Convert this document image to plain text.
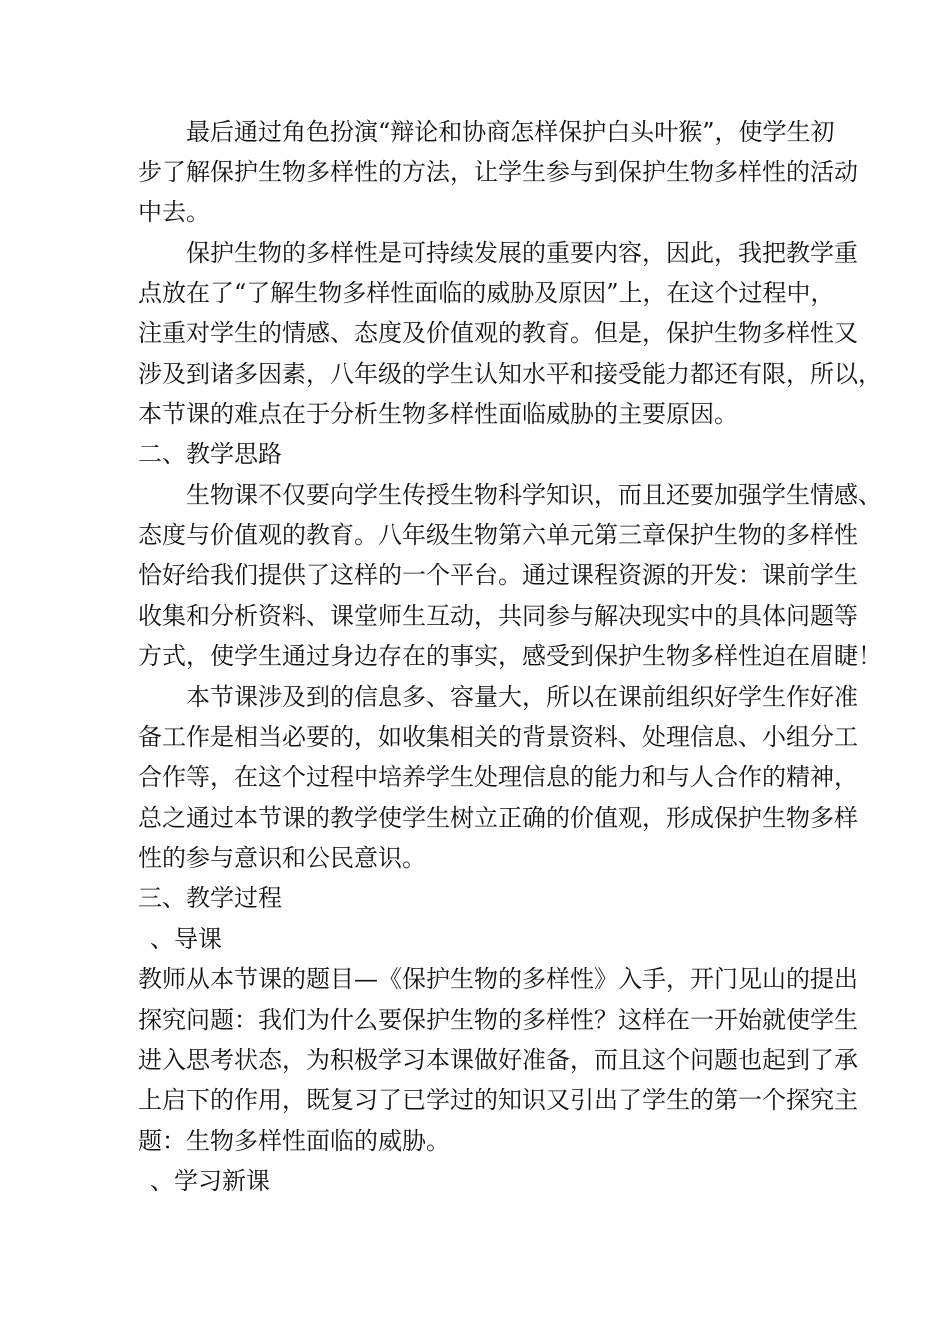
最后通过角色扮演“辩论和协商怎样保护白头叶猴”，使学生初
步了解保护生物多样性的方法，让学生参与到保护生物多样性的活动
中去。
保护生物的多样性是可持续发展的重要内容，因此，我把教学重
点放在了“了解生物多样性面临的威胁及原因”上，在这个过程中，
注重对学生的情感、态度及价值观的教育。但是，保护生物多样性又
涉及到诸多因素，八年级的学生认知水平和接受能力都还有限，所以，
本节课的难点在于分析生物多样性面临威胁的主要原因。
二、教学思路
生物课不仅要向学生传授生物科学知识，而且还要加强学生情感、
态度与价值观的教育。八年级生物第六单元第三章保护生物的多样性
恰好给我们提供了这样的一个平台。通过课程资源的开发：课前学生
收集和分析资料、课堂师生互动，共同参与解决现实中的具体问题等
方式，使学生通过身边存在的事实，感受到保护生物多样性迫在眉睫！
本节课涉及到的信息多、容量大，所以在课前组织好学生作好准
备工作是相当必要的，如收集相关的背景资料、处理信息、小组分工
合作等，在这个过程中培养学生处理信息的能力和与人合作的精神，
总之通过本节课的教学使学生树立正确的价值观，形成保护生物多样
性的参与意识和公民意识。
三、教学过程
、导课
教师从本节课的题目—《保护生物的多样性》入手，开门见山的提出
探究问题：我们为什么要保护生物的多样性？这样在一开始就使学生
进入思考状态，为积极学习本课做好准备，而且这个问题也起到了承
上启下的作用，既复习了已学过的知识又引出了学生的第一个探究主
题：生物多样性面临的威胁。
、学习新课
